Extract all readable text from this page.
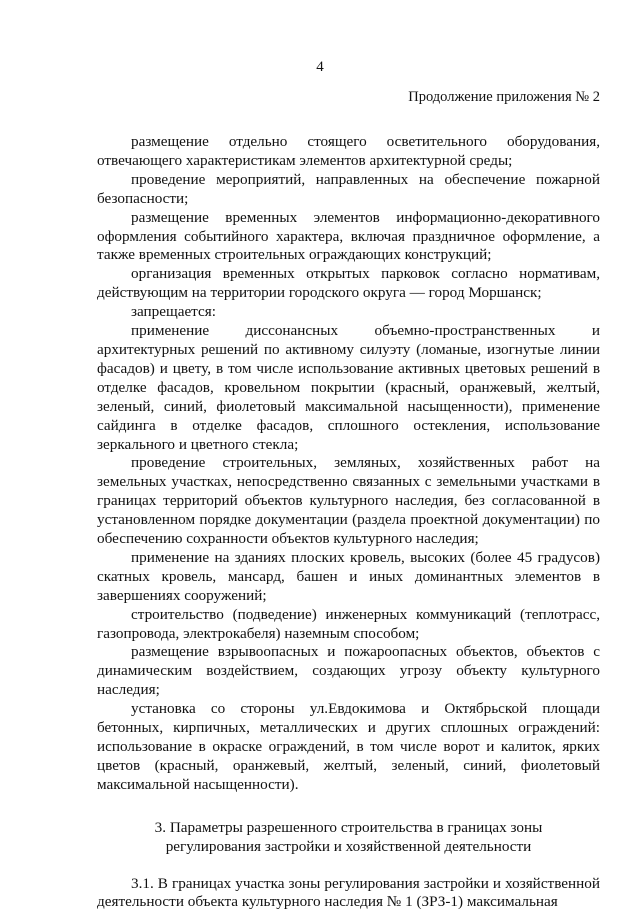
4
Продолжение приложения № 2

размещение отдельно стоящего осветительного оборудования, отвечающего характеристикам элементов архитектурной среды;

проведение мероприятий, направленных на обеспечение пожарной безопасности;

размещение временных элементов информационно-декоративного оформления событийного характера, включая праздничное оформление, а также временных строительных ограждающих конструкций;

организация временных открытых парковок согласно нормативам, действующим на территории городского округа — город Моршанск;

запрещается:

применение диссонансных объемно-пространственных и архитектурных решений по активному силуэту (ломаные, изогнутые линии фасадов) и цвету, в том числе использование активных цветовых решений в отделке фасадов, кровельном покрытии (красный, оранжевый, желтый, зеленый, синий, фиолетовый максимальной насыщенности), применение сайдинга в отделке фасадов, сплошного остекления, использование зеркального и цветного стекла;

проведение строительных, земляных, хозяйственных работ на земельных участках, непосредственно связанных с земельными участками в границах территорий объектов культурного наследия, без согласованной в установленном порядке документации (раздела проектной документации) по обеспечению сохранности объектов культурного наследия;

применение на зданиях плоских кровель, высоких (более 45 градусов) скатных кровель, мансард, башен и иных доминантных элементов в завершениях сооружений;

строительство (подведение) инженерных коммуникаций (теплотрасс, газопровода, электрокабеля) наземным способом;

размещение взрывоопасных и пожароопасных объектов, объектов с динамическим воздействием, создающих угрозу объекту культурного наследия;

установка со стороны ул.Евдокимова и Октябрьской площади бетонных, кирпичных, металлических и других сплошных ограждений: использование в окраске ограждений, в том числе ворот и калиток, ярких цветов (красный, оранжевый, желтый, зеленый, синий, фиолетовый максимальной насыщенности).

3. Параметры разрешенного строительства в границах зоны регулирования застройки и хозяйственной деятельности

3.1. В границах участка зоны регулирования застройки и хозяйственной деятельности объекта культурного наследия № 1 (ЗРЗ-1) максимальная
